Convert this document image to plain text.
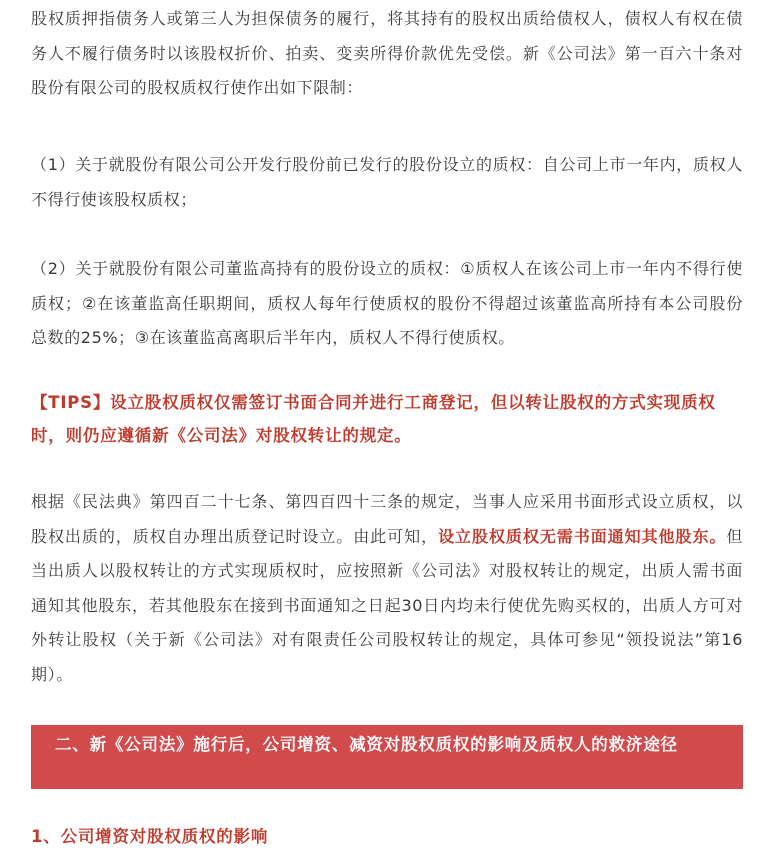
股权质押指债务人或第三人为担保债务的履行，将其持有的股权出质给债权人，债权人有权在债务人不履行债务时以该股权折价、拍卖、变卖所得价款优先受偿。新《公司法》第一百六十条对股份有限公司的股权质权行使作出如下限制：

（1）关于就股份有限公司公开发行股份前已发行的股份设立的质权：自公司上市一年内，质权人不得行使该股权质权；

（2）关于就股份有限公司董监高持有的股份设立的质权：①质权人在该公司上市一年内不得行使质权；②在该董监高任职期间，质权人每年行使质权的股份不得超过该董监高所持有本公司股份总数的25%；③在该董监高离职后半年内，质权人不得行使质权。

【TIPS】设立股权质权仅需签订书面合同并进行工商登记，但以转让股权的方式实现质权时，则仍应遵循新《公司法》对股权转让的规定。

根据《民法典》第四百二十七条、第四百四十三条的规定，当事人应采用书面形式设立质权，以股权出质的，质权自办理出质登记时设立。由此可知，设立股权质权无需书面通知其他股东。但当出质人以股权转让的方式实现质权时，应按照新《公司法》对股权转让的规定，出质人需书面通知其他股东，若其他股东在接到书面通知之日起30日内均未行使优先购买权的，出质人方可对外转让股权（关于新《公司法》对有限责任公司股权转让的规定，具体可参见“领投说法”第16期）。

二、新《公司法》施行后，公司增资、减资对股权质权的影响及质权人的救济途径

1、公司增资对股权质权的影响
